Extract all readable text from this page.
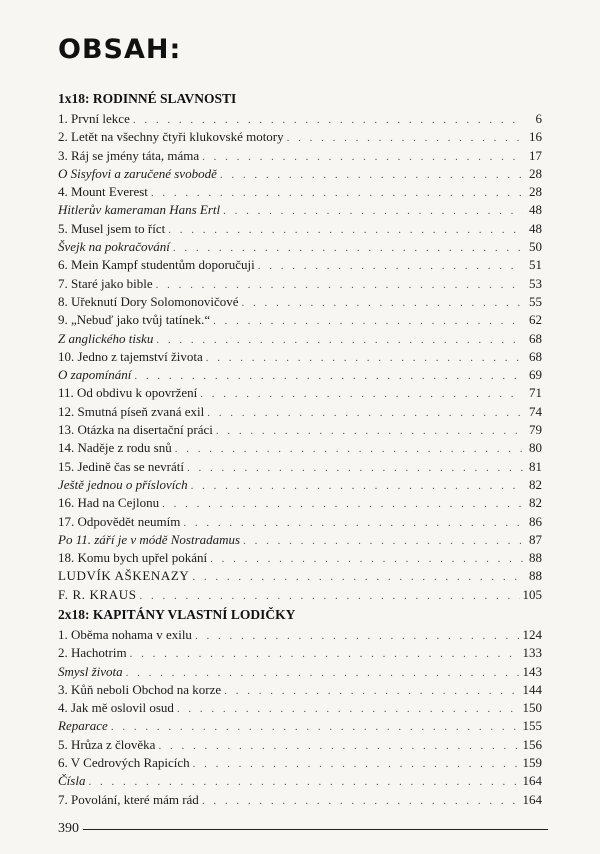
OBSAH:
1x18: RODINNÉ SLAVNOSTI
1. První lekce . . .	6
2. Letět na všechny čtyři klukovské motory . . .	16
3. Ráj se jmény táta, máma . . .	17
O Sisyfovi a zaručené svobodě . . .	28
4. Mount Everest . . .	28
Hitlerův kameraman Hans Ertl . . .	48
5. Musel jsem to říct . . .	48
Švejk na pokračování . . .	50
6. Mein Kampf studentům doporučuji . . .	51
7. Staré jako bible . . .	53
8. Uřeknutí Dory Solomonovičové . . .	55
9. „Nebuď jako tvůj tatínek.“ . . .	62
Z anglického tisku . . .	68
10. Jedno z tajemství života . . .	68
O zapomínání . . .	69
11. Od obdivu k opovržení . . .	71
12. Smutná píseň zvaná exil . . .	74
13. Otázka na disertační práci . . .	79
14. Naděje z rodu snů . . .	80
15. Jedině čas se nevrátí . . .	81
Ještě jednou o příslovích . . .	82
16. Had na Cejlonu . . .	82
17. Odpovědět neumím . . .	86
Po 11. září je v módě Nostradamus . . .	87
18. Komu bych upřel pokání . . .	88
LUDVÍK AŠKENAZY . . .	88
F. R. KRAUS . . .	105
2x18: KAPITÁNY VLASTNÍ LODIČKY
1. Oběma nohama v exilu . . .	124
2. Hachotrim . . .	133
Smysl života . . .	143
3. Kůň neboli Obchod na korze . . .	144
4. Jak mě oslovil osud . . .	150
Reparace . . .	155
5. Hrůza z člověka . . .	156
6. V Cedrových Rapicích . . .	159
Čísla . . .	164
7. Povolání, které mám rád . . .	164
390
